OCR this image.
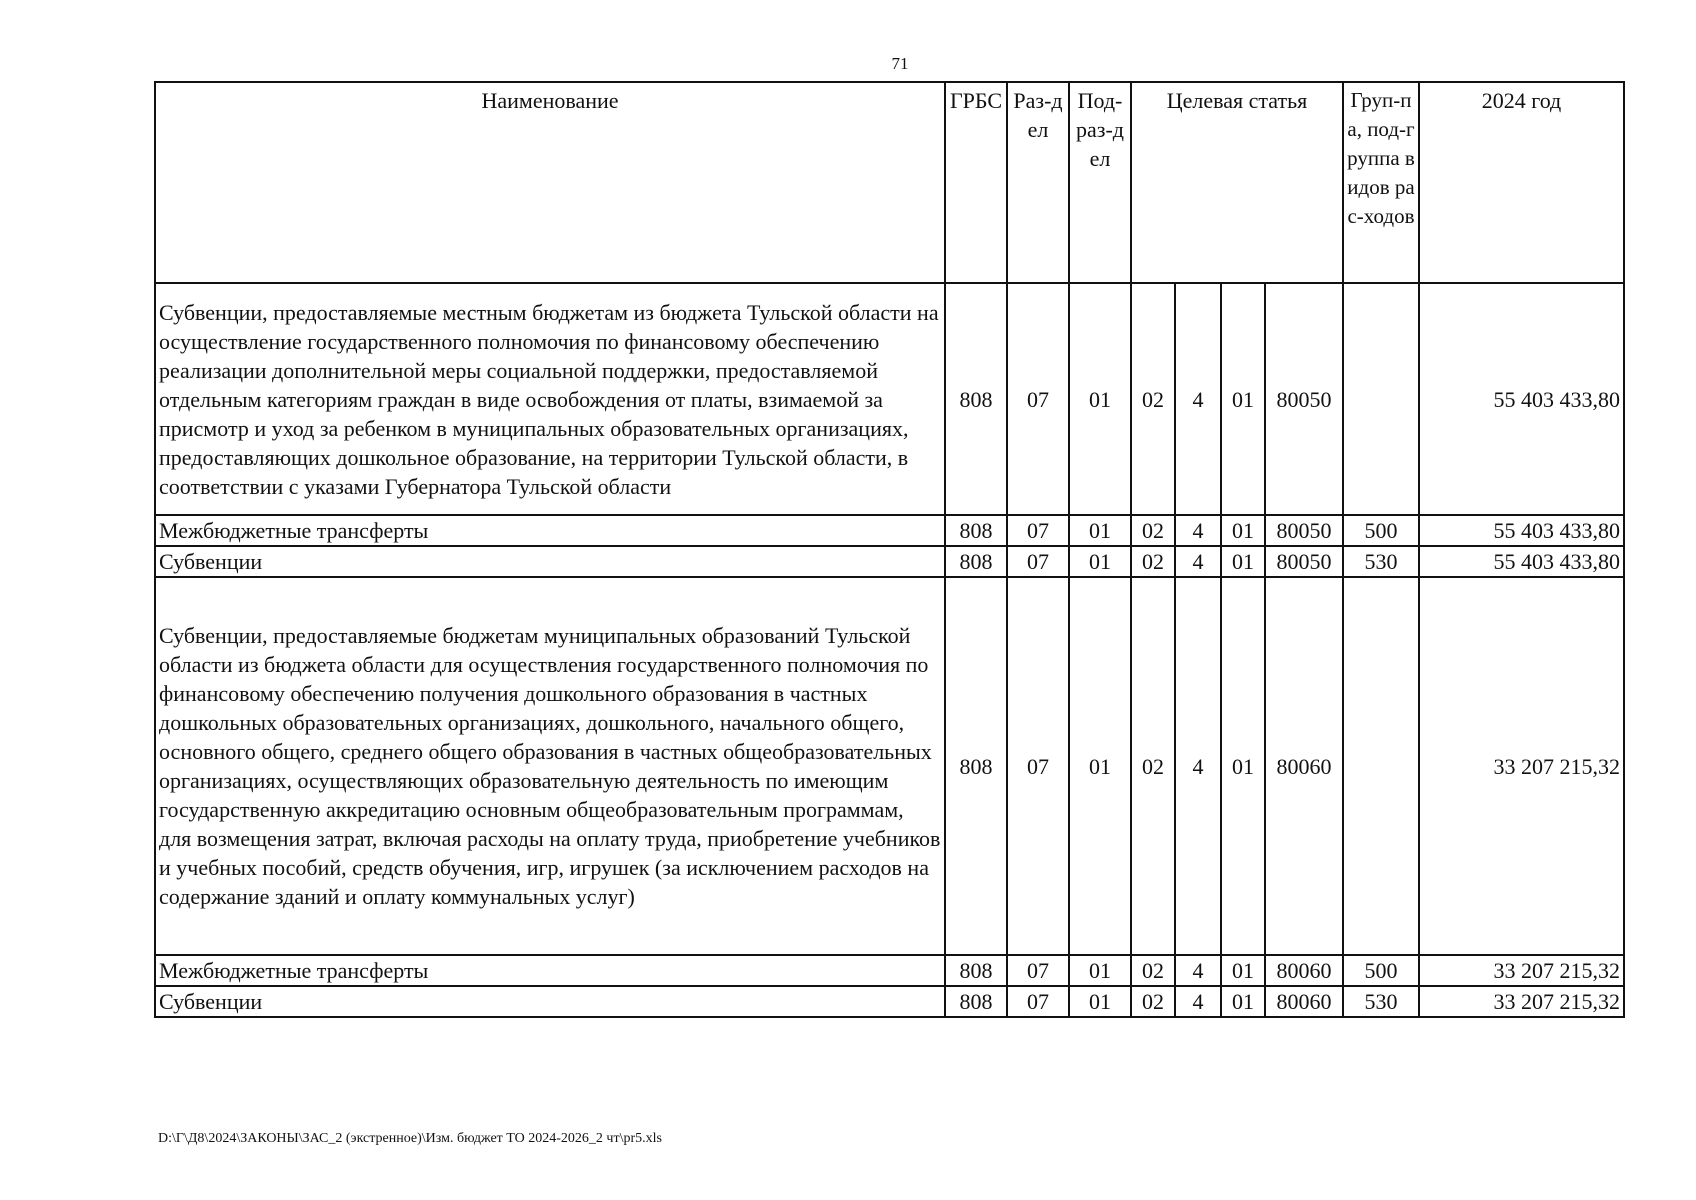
71
Наименование	ГРБС	Раз-дел	Под-раз-дел	Целевая статья				Груп-па, под-группа видов рас-ходов	2024 год
Субвенции, предоставляемые местным бюджетам из бюджета Тульской области на осуществление государственного полномочия по финансовому обеспечению реализации дополнительной меры социальной поддержки, предоставляемой отдельным категориям граждан в виде освобождения от платы, взимаемой за присмотр и уход за ребенком в муниципальных образовательных организациях, предоставляющих дошкольное образование, на территории Тульской области, в соответствии с указами Губернатора Тульской области	808	07	01	02	4	01	80050		55 403 433,80
Межбюджетные трансферты	808	07	01	02	4	01	80050	500	55 403 433,80
Субвенции	808	07	01	02	4	01	80050	530	55 403 433,80
Субвенции, предоставляемые бюджетам муниципальных образований Тульской области из бюджета области для осуществления государственного полномочия по финансовому обеспечению получения дошкольного образования в частных дошкольных образовательных организациях, дошкольного, начального общего, основного общего, среднего общего образования в частных общеобразовательных организациях, осуществляющих образовательную деятельность по имеющим государственную аккредитацию основным общеобразовательным программам, для возмещения затрат, включая расходы на оплату труда, приобретение учебников и учебных пособий, средств обучения, игр, игрушек (за исключением расходов на содержание зданий и оплату коммунальных услуг)	808	07	01	02	4	01	80060		33 207 215,32
Межбюджетные трансферты	808	07	01	02	4	01	80060	500	33 207 215,32
Субвенции	808	07	01	02	4	01	80060	530	33 207 215,32
D:\Г\Д8\2024\ЗАКОНЫ\ЗАС_2 (экстренное)\Изм. бюджет ТО 2024-2026_2 чт\pr5.xls
